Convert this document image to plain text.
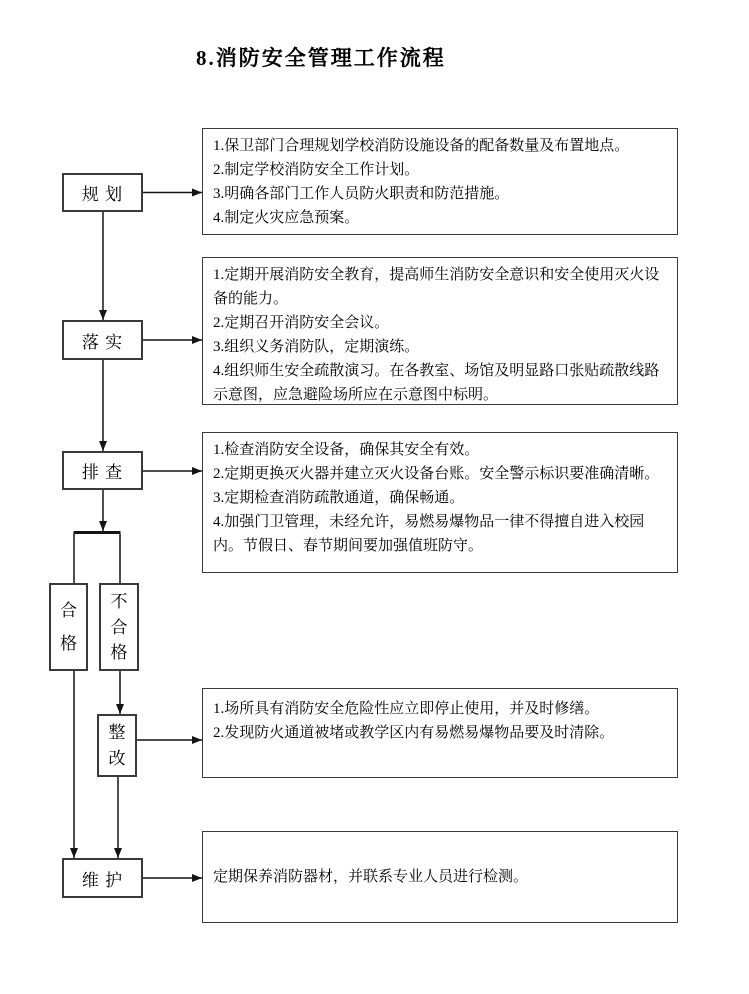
8.消防安全管理工作流程
规 划
落 实
排 查
合
格
不
合
格
整
改
维 护
1.保卫部门合理规划学校消防设施设备的配备数量及布置地点。
2.制定学校消防安全工作计划。
3.明确各部门工作人员防火职责和防范措施。
4.制定火灾应急预案。
1.定期开展消防安全教育，提高师生消防安全意识和安全使用灭火设备的能力。
2.定期召开消防安全会议。
3.组织义务消防队，定期演练。
4.组织师生安全疏散演习。在各教室、场馆及明显路口张贴疏散线路示意图，应急避险场所应在示意图中标明。
1.检查消防安全设备，确保其安全有效。
2.定期更换灭火器并建立灭火设备台账。安全警示标识要准确清晰。
3.定期检查消防疏散通道，确保畅通。
4.加强门卫管理，未经允许，易燃易爆物品一律不得擅自进入校园内。节假日、春节期间要加强值班防守。
1.场所具有消防安全危险性应立即停止使用，并及时修缮。
2.发现防火通道被堵或教学区内有易燃易爆物品要及时清除。
定期保养消防器材，并联系专业人员进行检测。
